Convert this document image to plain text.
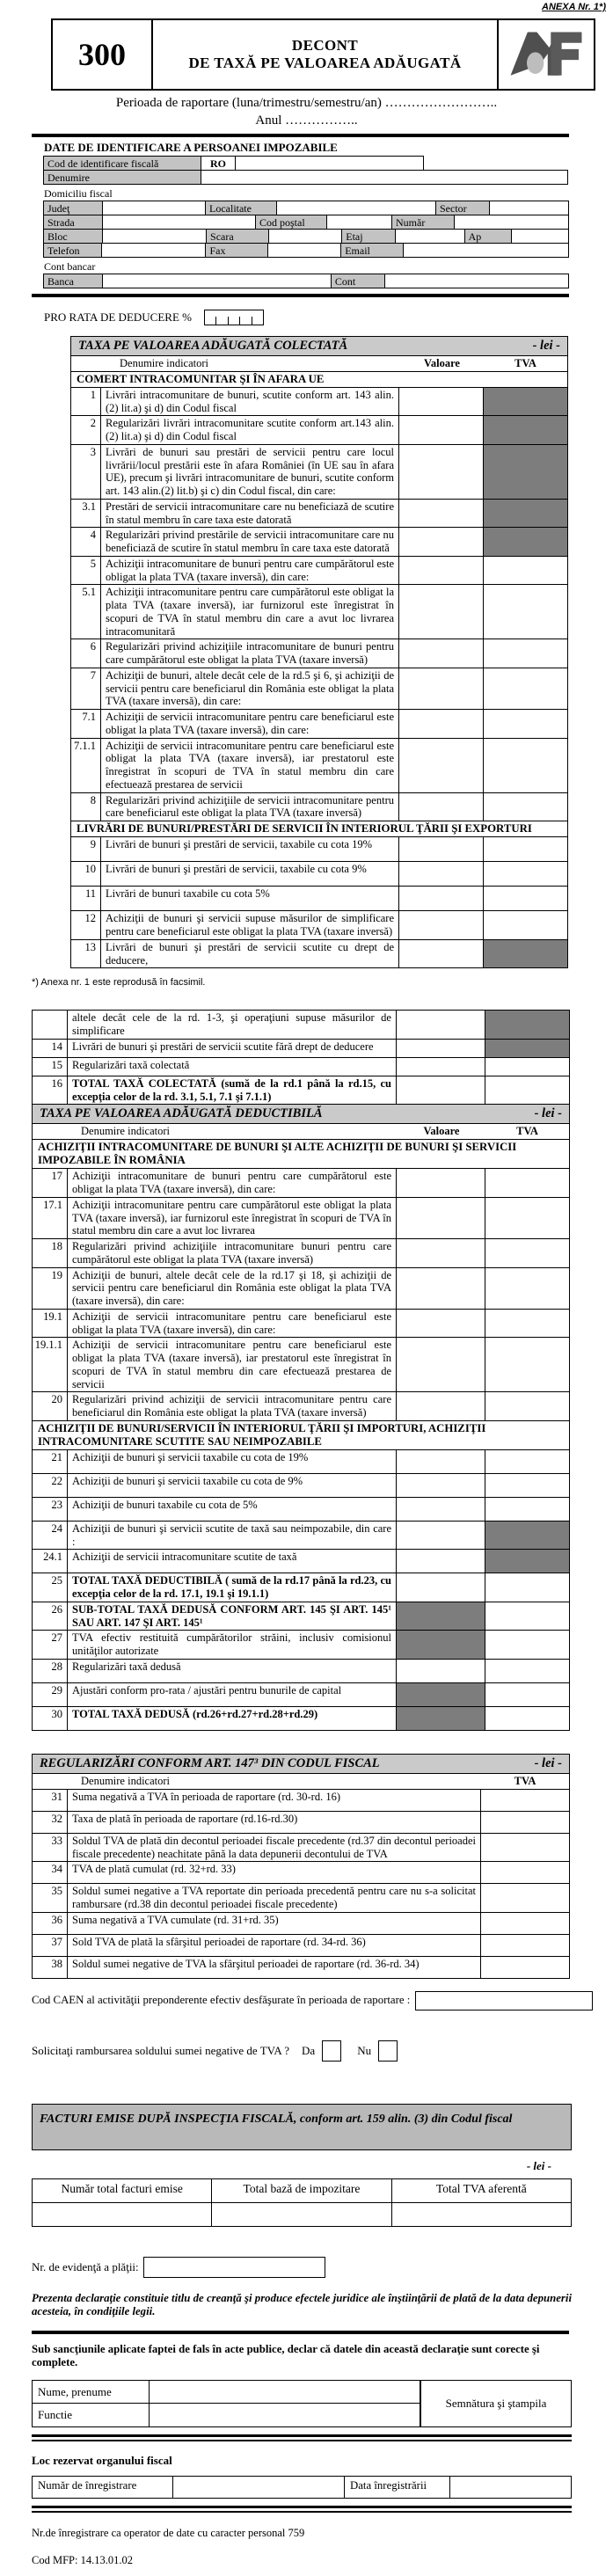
ANEXA Nr. 1*)
300	DECONT
DE TAXĂ PE VALOAREA ADĂUGATĂ
Perioada de raportare (luna/trimestru/semestru/an) ……………………..
Anul ……………..
DATE DE IDENTIFICARE A PERSOANEI IMPOZABILE
Cod de identificare fiscală	RO
Denumire
Domiciliu fiscal
Judeţ	Localitate	Sector
Strada	Cod poştal	Număr
Bloc	Scara	Etaj	Ap
Telefon	Fax	Email
Cont bancar
Banca	Cont
PRO RATA DE DEDUCERE %
TAXA PE VALOAREA ADĂUGATĂ COLECTATĂ	- lei -
Denumire indicatori	Valoare	TVA
COMERT INTRACOMUNITAR ŞI ÎN AFARA UE
1 Livrări intracomunitare de bunuri, scutite conform art. 143 alin.(2) lit.a) şi d) din Codul fiscal
2 Regularizări livrări intracomunitare scutite conform art.143 alin.(2) lit.a) şi d) din Codul fiscal
3 Livrări de bunuri sau prestări de servicii pentru care locul livrării/locul prestării este în afara României (în UE sau în afara UE), precum şi livrări intracomunitare de bunuri, scutite conform art. 143 alin.(2) lit.b) şi c) din Codul fiscal, din care:
3.1 Prestări de servicii intracomunitare care nu beneficiază de scutire în statul membru în care taxa este datorată
4 Regularizări privind prestările de servicii intracomunitare care nu beneficiază de scutire în statul membru în care taxa este datorată
5 Achiziţii intracomunitare de bunuri pentru care cumpărătorul este obligat la plata TVA (taxare inversă), din care:
5.1 Achiziţii intracomunitare pentru care cumpărătorul este obligat la plata TVA (taxare inversă), iar furnizorul este înregistrat în scopuri de TVA în statul membru din care a avut loc livrarea intracomunitară
6 Regularizări privind achiziţiile intracomunitare de bunuri pentru care cumpărătorul este obligat la plata TVA (taxare inversă)
7 Achiziţii de bunuri, altele decât cele de la rd.5 şi 6, şi achiziţii de servicii pentru care beneficiarul din România este obligat la plata TVA (taxare inversă), din care:
7.1 Achiziţii de servicii intracomunitare pentru care beneficiarul este obligat la plata TVA (taxare inversă), din care:
7.1.1 Achiziţii de servicii intracomunitare pentru care beneficiarul este obligat la plata TVA (taxare inversă), iar prestatorul este înregistrat în scopuri de TVA în statul membru din care efectuează prestarea de servicii
8 Regularizări privind achiziţiile de servicii intracomunitare pentru care beneficiarul este obligat la plata TVA (taxare inversă)
LIVRĂRI DE BUNURI/PRESTĂRI DE SERVICII ÎN INTERIORUL ŢĂRII ŞI EXPORTURI
9 Livrări de bunuri şi prestări de servicii, taxabile cu cota 19%
10 Livrări de bunuri şi prestări de servicii, taxabile cu cota 9%
11 Livrări de bunuri taxabile cu cota 5%
12 Achiziţii de bunuri şi servicii supuse măsurilor de simplificare pentru care beneficiarul este obligat la plata TVA (taxare inversă)
13 Livrări de bunuri şi prestări de servicii scutite cu drept de deducere,
*) Anexa nr. 1 este reprodusă în facsimil.
altele decât cele de la rd. 1-3, şi operaţiuni supuse măsurilor de simplificare
14 Livrări de bunuri şi prestări de servicii scutite fără drept de deducere
15 Regularizări taxă colectată
16 TOTAL TAXĂ COLECTATĂ (sumă de la rd.1 până la rd.15, cu excepţia celor de la rd. 3.1, 5.1, 7.1 şi 7.1.1)
TAXA PE VALOAREA ADĂUGATĂ DEDUCTIBILĂ	- lei -
Denumire indicatori	Valoare	TVA
ACHIZIŢII INTRACOMUNITARE DE BUNURI ŞI ALTE ACHIZIŢII DE BUNURI ŞI SERVICII IMPOZABILE ÎN ROMÂNIA
17 Achiziţii intracomunitare de bunuri pentru care cumpărătorul este obligat la plata TVA (taxare inversă), din care:
17.1 Achiziţii intracomunitare pentru care cumpărătorul este obligat la plata TVA (taxare inversă), iar furnizorul este înregistrat în scopuri de TVA în statul membru din care a avut loc livrarea
18 Regularizări privind achiziţiile intracomunitare bunuri pentru care cumpărătorul este obligat la plata TVA (taxare inversă)
19 Achiziţii de bunuri, altele decât cele de la rd.17 şi 18, şi achiziţii de servicii pentru care beneficiarul din România este obligat la plata TVA (taxare inversă), din care:
19.1 Achiziţii de servicii intracomunitare pentru care beneficiarul este obligat la plata TVA (taxare inversă), din care:
19.1.1 Achiziţii de servicii intracomunitare pentru care beneficiarul este obligat la plata TVA (taxare inversă), iar prestatorul este înregistrat în scopuri de TVA în statul membru din care efectuează prestarea de servicii
20 Regularizări privind achiziţii de servicii intracomunitare pentru care beneficiarul din România este obligat la plata TVA (taxare inversă)
ACHIZIŢII DE BUNURI/SERVICII ÎN INTERIORUL ŢĂRII ŞI IMPORTURI, ACHIZIŢII INTRACOMUNITARE SCUTITE SAU NEIMPOZABILE
21 Achiziţii de bunuri şi servicii taxabile cu cota de 19%
22 Achiziţii de bunuri şi servicii taxabile cu cota de 9%
23 Achiziţii de bunuri taxabile cu cota de 5%
24 Achiziţii de bunuri şi servicii scutite de taxă sau neimpozabile, din care :
24.1 Achiziţii de servicii intracomunitare scutite de taxă
25 TOTAL TAXĂ DEDUCTIBILĂ ( sumă de la rd.17 până la rd.23, cu excepţia celor de la rd. 17.1, 19.1 şi 19.1.1)
26 SUB-TOTAL TAXĂ DEDUSĂ CONFORM ART. 145 ŞI ART. 145¹ SAU ART. 147 ŞI ART. 145¹
27 TVA efectiv restituită cumpărătorilor străini, inclusiv comisionul unităţilor autorizate
28 Regularizări taxă dedusă
29 Ajustări conform pro-rata / ajustări pentru bunurile de capital
30 TOTAL TAXĂ DEDUSĂ (rd.26+rd.27+rd.28+rd.29)
REGULARIZĂRI CONFORM ART. 147³ DIN CODUL FISCAL	- lei -
Denumire indicatori	TVA
31 Suma negativă a TVA în perioada de raportare (rd. 30-rd. 16)
32 Taxa de plată în perioada de raportare (rd.16-rd.30)
33 Soldul TVA de plată din decontul perioadei fiscale precedente (rd.37 din decontul perioadei fiscale precedente) neachitate până la data depunerii decontului de TVA
34 TVA de plată cumulat (rd. 32+rd. 33)
35 Soldul sumei negative a TVA reportate din perioada precedentă pentru care nu s-a solicitat rambursare (rd.38 din decontul perioadei fiscale precedente)
36 Suma negativă a TVA cumulate (rd. 31+rd. 35)
37 Sold TVA de plată la sfârşitul perioadei de raportare (rd. 34-rd. 36)
38 Soldul sumei negative de TVA la sfârşitul perioadei de raportare (rd. 36-rd. 34)
Cod CAEN al activităţii preponderente efectiv desfăşurate în perioada de raportare :
Solicitaţi rambursarea soldului sumei negative de TVA ? Da	Nu
FACTURI EMISE DUPĂ INSPECŢIA FISCALĂ, conform art. 159 alin. (3) din Codul fiscal
- lei -
Număr total facturi emise	Total bază de impozitare	Total TVA aferentă
Nr. de evidenţă a plăţii:
Prezenta declaraţie constituie titlu de creanţă şi produce efectele juridice ale înştiinţării de plată de la data depunerii acesteia, în condiţiile legii.
Sub sancţiunile aplicate faptei de fals în acte publice, declar că datele din această declaraţie sunt corecte şi complete.
Nume, prenume
Functie
Semnătura şi ştampila
Loc rezervat organului fiscal
Număr de înregistrare	Data înregistrării
Nr.de înregistrare ca operator de date cu caracter personal 759
Cod MFP: 14.13.01.02
